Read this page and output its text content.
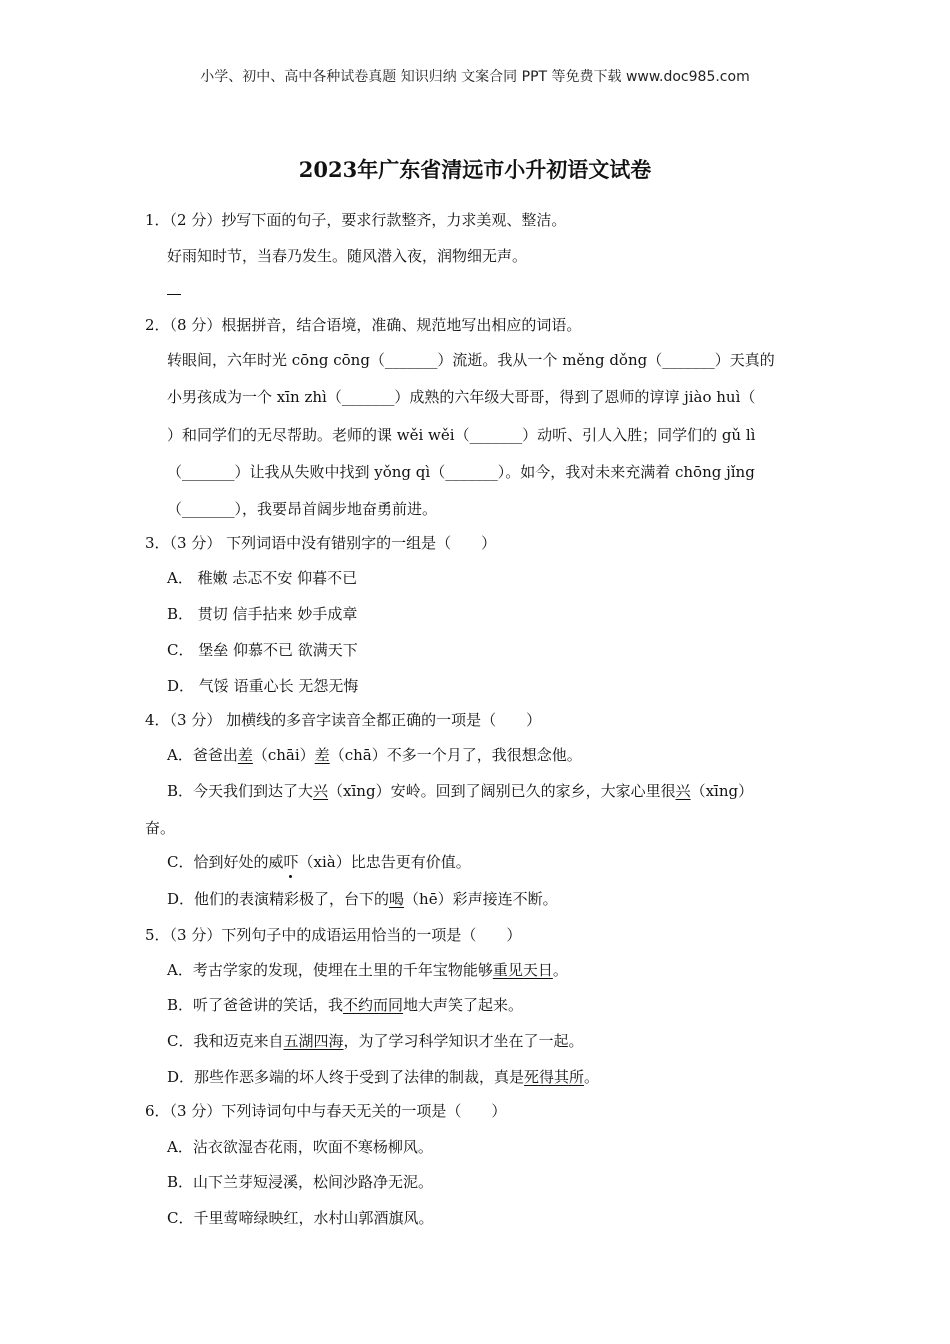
小学、初中、高中各种试卷真题 知识归纳 文案合同 PPT 等免费下载 www.doc985.com
2023年广东省清远市小升初语文试卷
1．（2 分）抄写下面的句子，要求行款整齐，力求美观、整洁。
好雨知时节，当春乃发生。随风潜入夜，润物细无声。
2．（8 分）根据拼音，结合语境，准确、规范地写出相应的词语。
转眼间，六年时光 cōng cōng（_______）流逝。我从一个 měng dǒng（_______）天真的
小男孩成为一个 xīn zhì（_______）成熟的六年级大哥哥，得到了恩师的谆谆 jiào huì（
）和同学们的无尽帮助。老师的课 wěi wěi（_______）动听、引人入胜；同学们的 gǔ lì
（_______）让我从失败中找到 yǒng qì（_______）。如今，我对未来充满着 chōng jǐng
（_______），我要昂首阔步地奋勇前进。
3．（3 分） 下列词语中没有错别字的一组是（　　）
A． 稚嫩 忐忑不安 仰暮不已
B． 贯切 信手拈来 妙手成章
C． 堡垒 仰慕不已 欲满天下
D． 气馁 语重心长 无怨无悔
4．（3 分） 加横线的多音字读音全都正确的一项是（　　）
A．爸爸出差（chāi）差（chā）不多一个月了，我很想念他。
B．今天我们到达了大兴（xīng）安岭。回到了阔别已久的家乡，大家心里很兴（xīng）
奋。
C．恰到好处的威吓（xià）比忠告更有价值。
D．他们的表演精彩极了，台下的喝（hē）彩声接连不断。
5．（3 分）下列句子中的成语运用恰当的一项是（　　）
A．考古学家的发现，使埋在土里的千年宝物能够重见天日。
B．听了爸爸讲的笑话，我不约而同地大声笑了起来。
C．我和迈克来自五湖四海，为了学习科学知识才坐在了一起。
D．那些作恶多端的坏人终于受到了法律的制裁，真是死得其所。
6．（3 分）下列诗词句中与春天无关的一项是（　　）
A．沾衣欲湿杏花雨，吹面不寒杨柳风。
B．山下兰芽短浸溪，松间沙路净无泥。
C．千里莺啼绿映红，水村山郭酒旗风。
